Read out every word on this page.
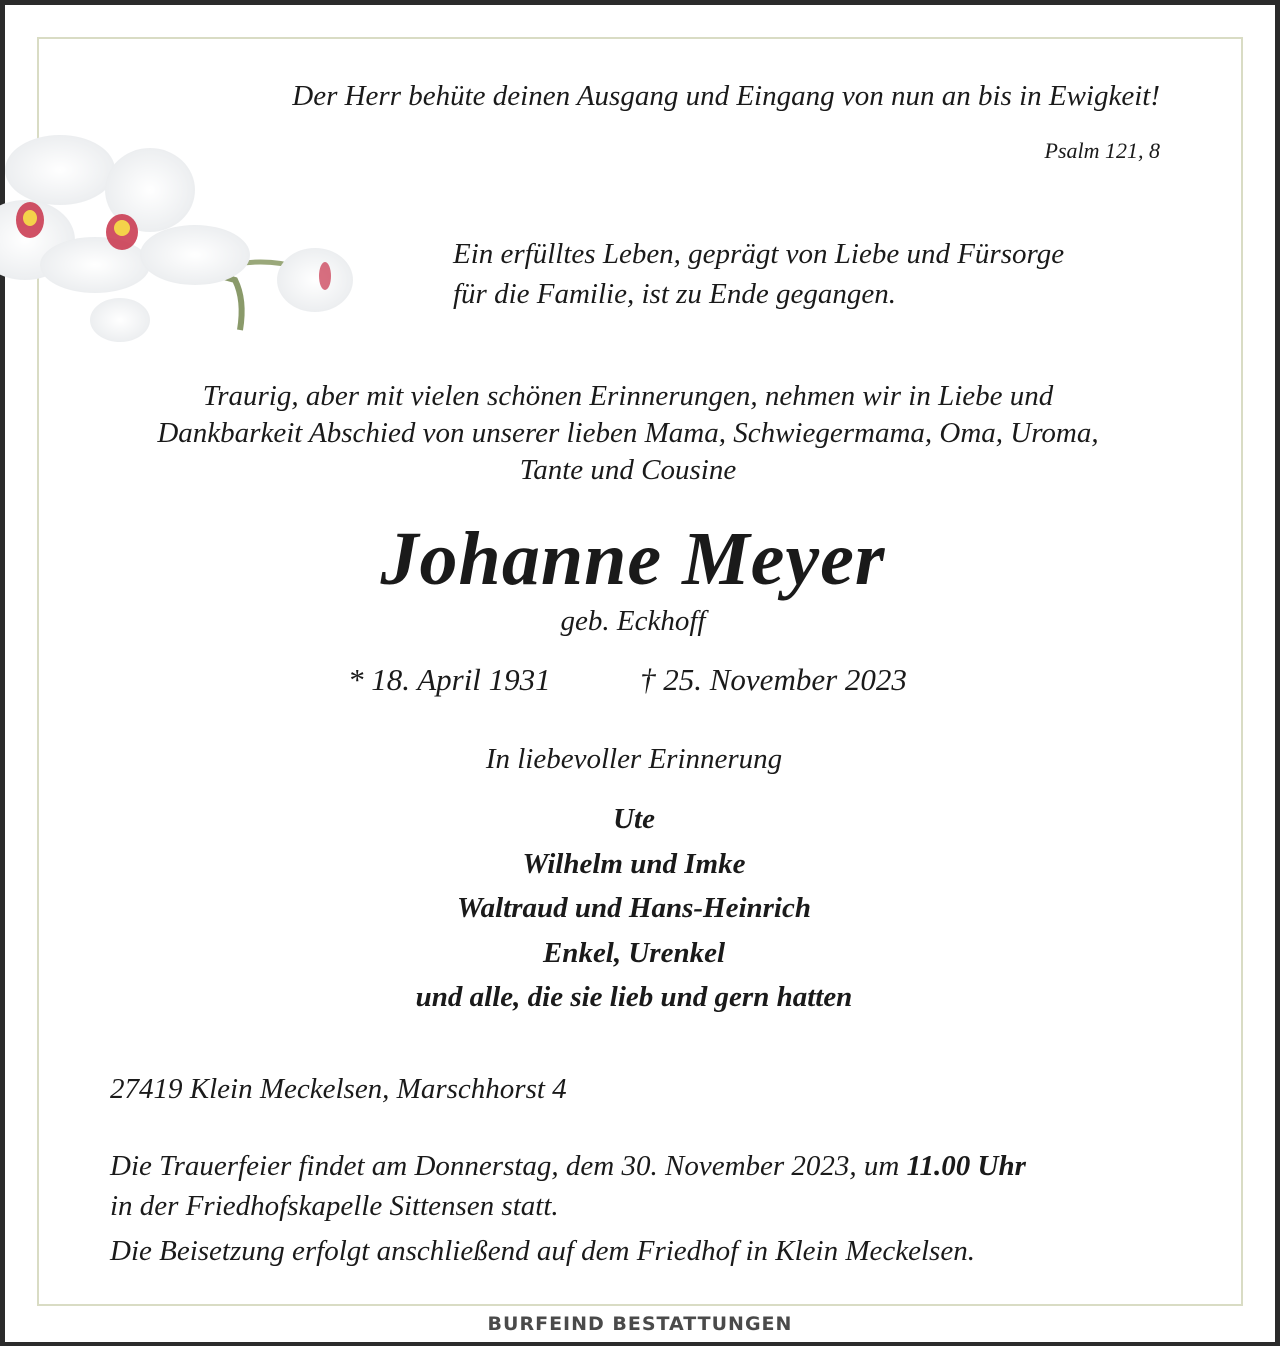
Der Herr behüte deinen Ausgang und Eingang von nun an bis in Ewigkeit!
Psalm 121, 8
Ein erfülltes Leben, geprägt von Liebe und Fürsorge
für die Familie, ist zu Ende gegangen.
Traurig, aber mit vielen schönen Erinnerungen, nehmen wir in Liebe und
Dankbarkeit Abschied von unserer lieben Mama, Schwiegermama, Oma, Uroma,
Tante und Cousine
Johanne Meyer
geb. Eckhoff
* 18. April 1931	† 25. November 2023
In liebevoller Erinnerung
Ute
Wilhelm und Imke
Waltraud und Hans-Heinrich
Enkel, Urenkel
und alle, die sie lieb und gern hatten
27419 Klein Meckelsen, Marschhorst 4
Die Trauerfeier findet am Donnerstag, dem 30. November 2023, um 11.00 Uhr
in der Friedhofskapelle Sittensen statt.
Die Beisetzung erfolgt anschließend auf dem Friedhof in Klein Meckelsen.
BURFEIND BESTATTUNGEN
